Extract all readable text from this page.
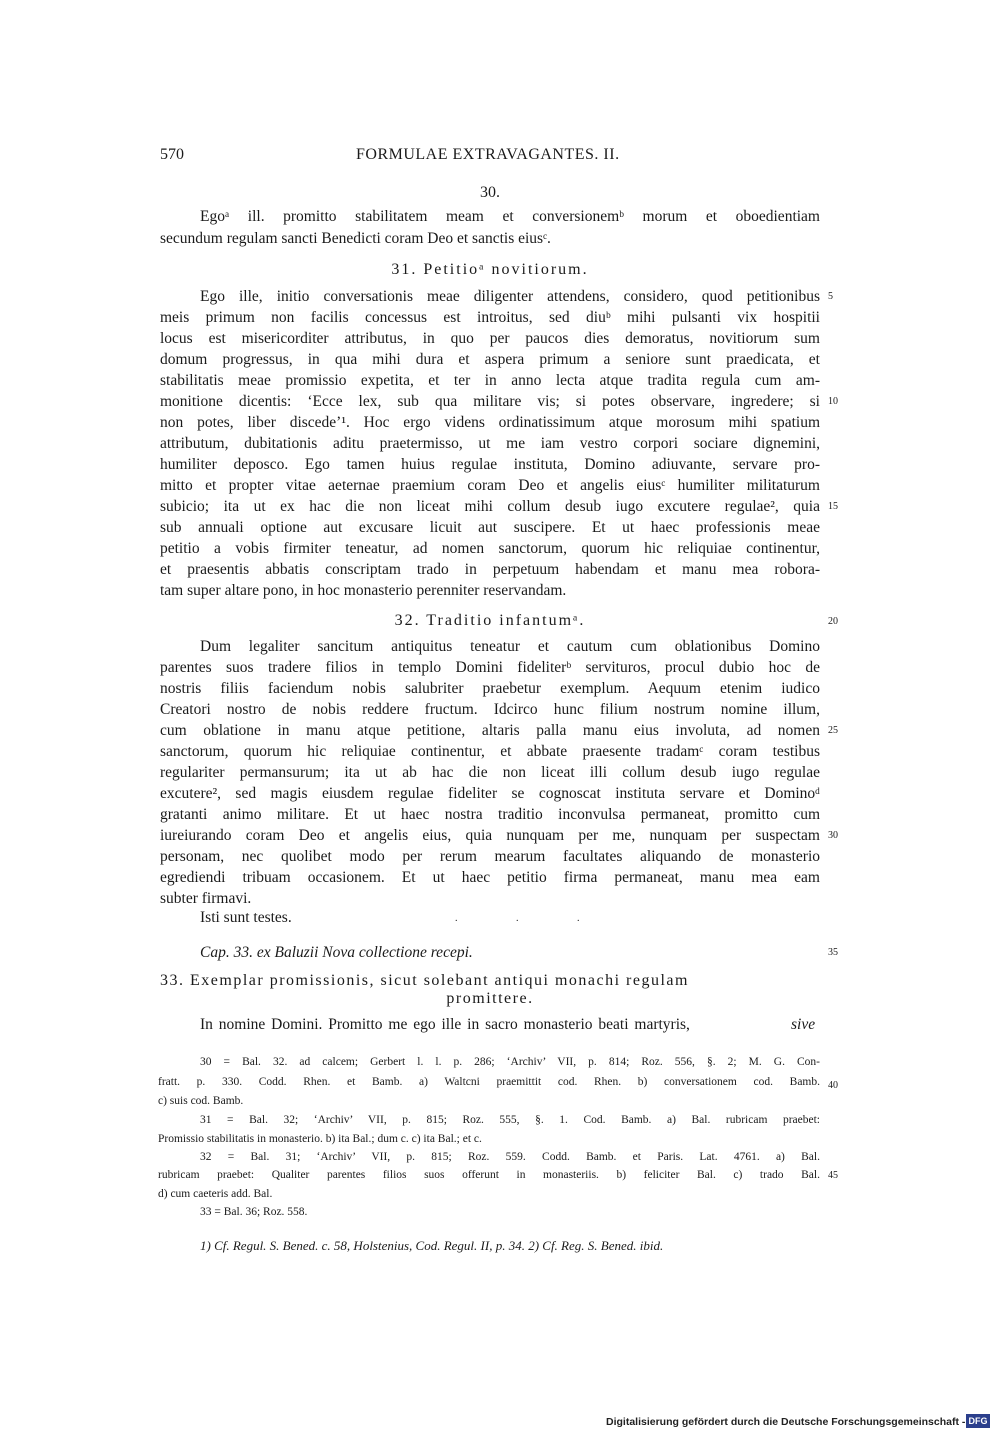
570	FORMULAE EXTRAVAGANTES. II.
30.
Egoᵃ ill. promitto stabilitatem meam et conversionemᵇ morum et oboedientiam
secundum regulam sancti Benedicti coram Deo et sanctis eiusᶜ.
31. Petitioᵃ novitiorum.
Ego ille, initio conversationis meae diligenter attendens, considero, quod petitionibus
meis primum non facilis concessus est introitus, sed diuᵇ mihi pulsanti vix hospitii
locus est misericorditer attributus, in quo per paucos dies demoratus, novitiorum sum
domum progressus, in qua mihi dura et aspera primum a seniore sunt praedicata, et
stabilitatis meae promissio expetita, et ter in anno lecta atque tradita regula cum am-
monitione dicentis: ‘Ecce lex, sub qua militare vis; si potes observare, ingredere; si
non potes, liber discede’¹. Hoc ergo videns ordinatissimum atque morosum mihi spatium
attributum, dubitationis aditu praetermisso, ut me iam vestro corpori sociare dignemini,
humiliter deposco. Ego tamen huius regulae instituta, Domino adiuvante, servare pro-
mitto et propter vitae aeternae praemium coram Deo et angelis eiusᶜ humiliter militaturum
subicio; ita ut ex hac die non liceat mihi collum desub iugo excutere regulae², quia
sub annuali optione aut excusare licuit aut suscipere. Et ut haec professionis meae
petitio a vobis firmiter teneatur, ad nomen sanctorum, quorum hic reliquiae continentur,
et praesentis abbatis conscriptam trado in perpetuum habendam et manu mea robora-
tam super altare pono, in hoc monasterio perenniter reservandam.
32. Traditio infantumᵃ.
Dum legaliter sancitum antiquitus teneatur et cautum cum oblationibus Domino
parentes suos tradere filios in templo Domini fideliterᵇ servituros, procul dubio hoc de
nostris filiis faciendum nobis salubriter praebetur exemplum. Aequum etenim iudico
Creatori nostro de nobis reddere fructum. Idcirco hunc filium nostrum nomine illum,
cum oblatione in manu atque petitione, altaris palla manu eius involuta, ad nomen
sanctorum, quorum hic reliquiae continentur, et abbate praesente tradamᶜ coram testibus
regulariter permansurum; ita ut ab hac die non liceat illi collum desub iugo regulae
excutere², sed magis eiusdem regulae fideliter se cognoscat instituta servare et Dominoᵈ
gratanti animo militare. Et ut haec nostra traditio inconvulsa permaneat, promitto cum
iureiurando coram Deo et angelis eius, quia nunquam per me, nunquam per suspectam
personam, nec quolibet modo per rerum mearum facultates aliquando de monasterio
egrediendi tribuam occasionem. Et ut haec petitio firma permaneat, manu mea eam
subter firmavi.
Isti sunt testes.	. . .
Cap. 33. ex Baluzii Nova collectione recepi.
33. Exemplar promissionis, sicut solebant antiqui monachi regulam
promittere.
In nomine Domini. Promitto me ego ille in sacro monasterio beati martyris,	sive
5
10
15
20
25
30
35
40
45
30 = Bal. 32. ad calcem; Gerbert l. l. p. 286; ‘Archiv’ VII, p. 814; Roz. 556, §. 2; M. G. Con-
fratt. p. 330. Codd. Rhen. et Bamb. a) Waltcni praemittit cod. Rhen. b) conversationem cod. Bamb.
c) suis cod. Bamb.
31 = Bal. 32; ‘Archiv’ VII, p. 815; Roz. 555, §. 1. Cod. Bamb. a) Bal. rubricam praebet:
Promissio stabilitatis in monasterio. b) ita Bal.; dum c. c) ita Bal.; et c.
32 = Bal. 31; ‘Archiv’ VII, p. 815; Roz. 559. Codd. Bamb. et Paris. Lat. 4761. a) Bal.
rubricam praebet: Qualiter parentes filios suos offerunt in monasteriis. b) feliciter Bal. c) trado Bal.
d) cum caeteris add. Bal.
33 = Bal. 36; Roz. 558.
1) Cf. Regul. S. Bened. c. 58, Holstenius, Cod. Regul. II, p. 34. 2) Cf. Reg. S. Bened. ibid.
Digitalisierung gefördert durch die Deutsche Forschungsgemeinschaft - DFG
